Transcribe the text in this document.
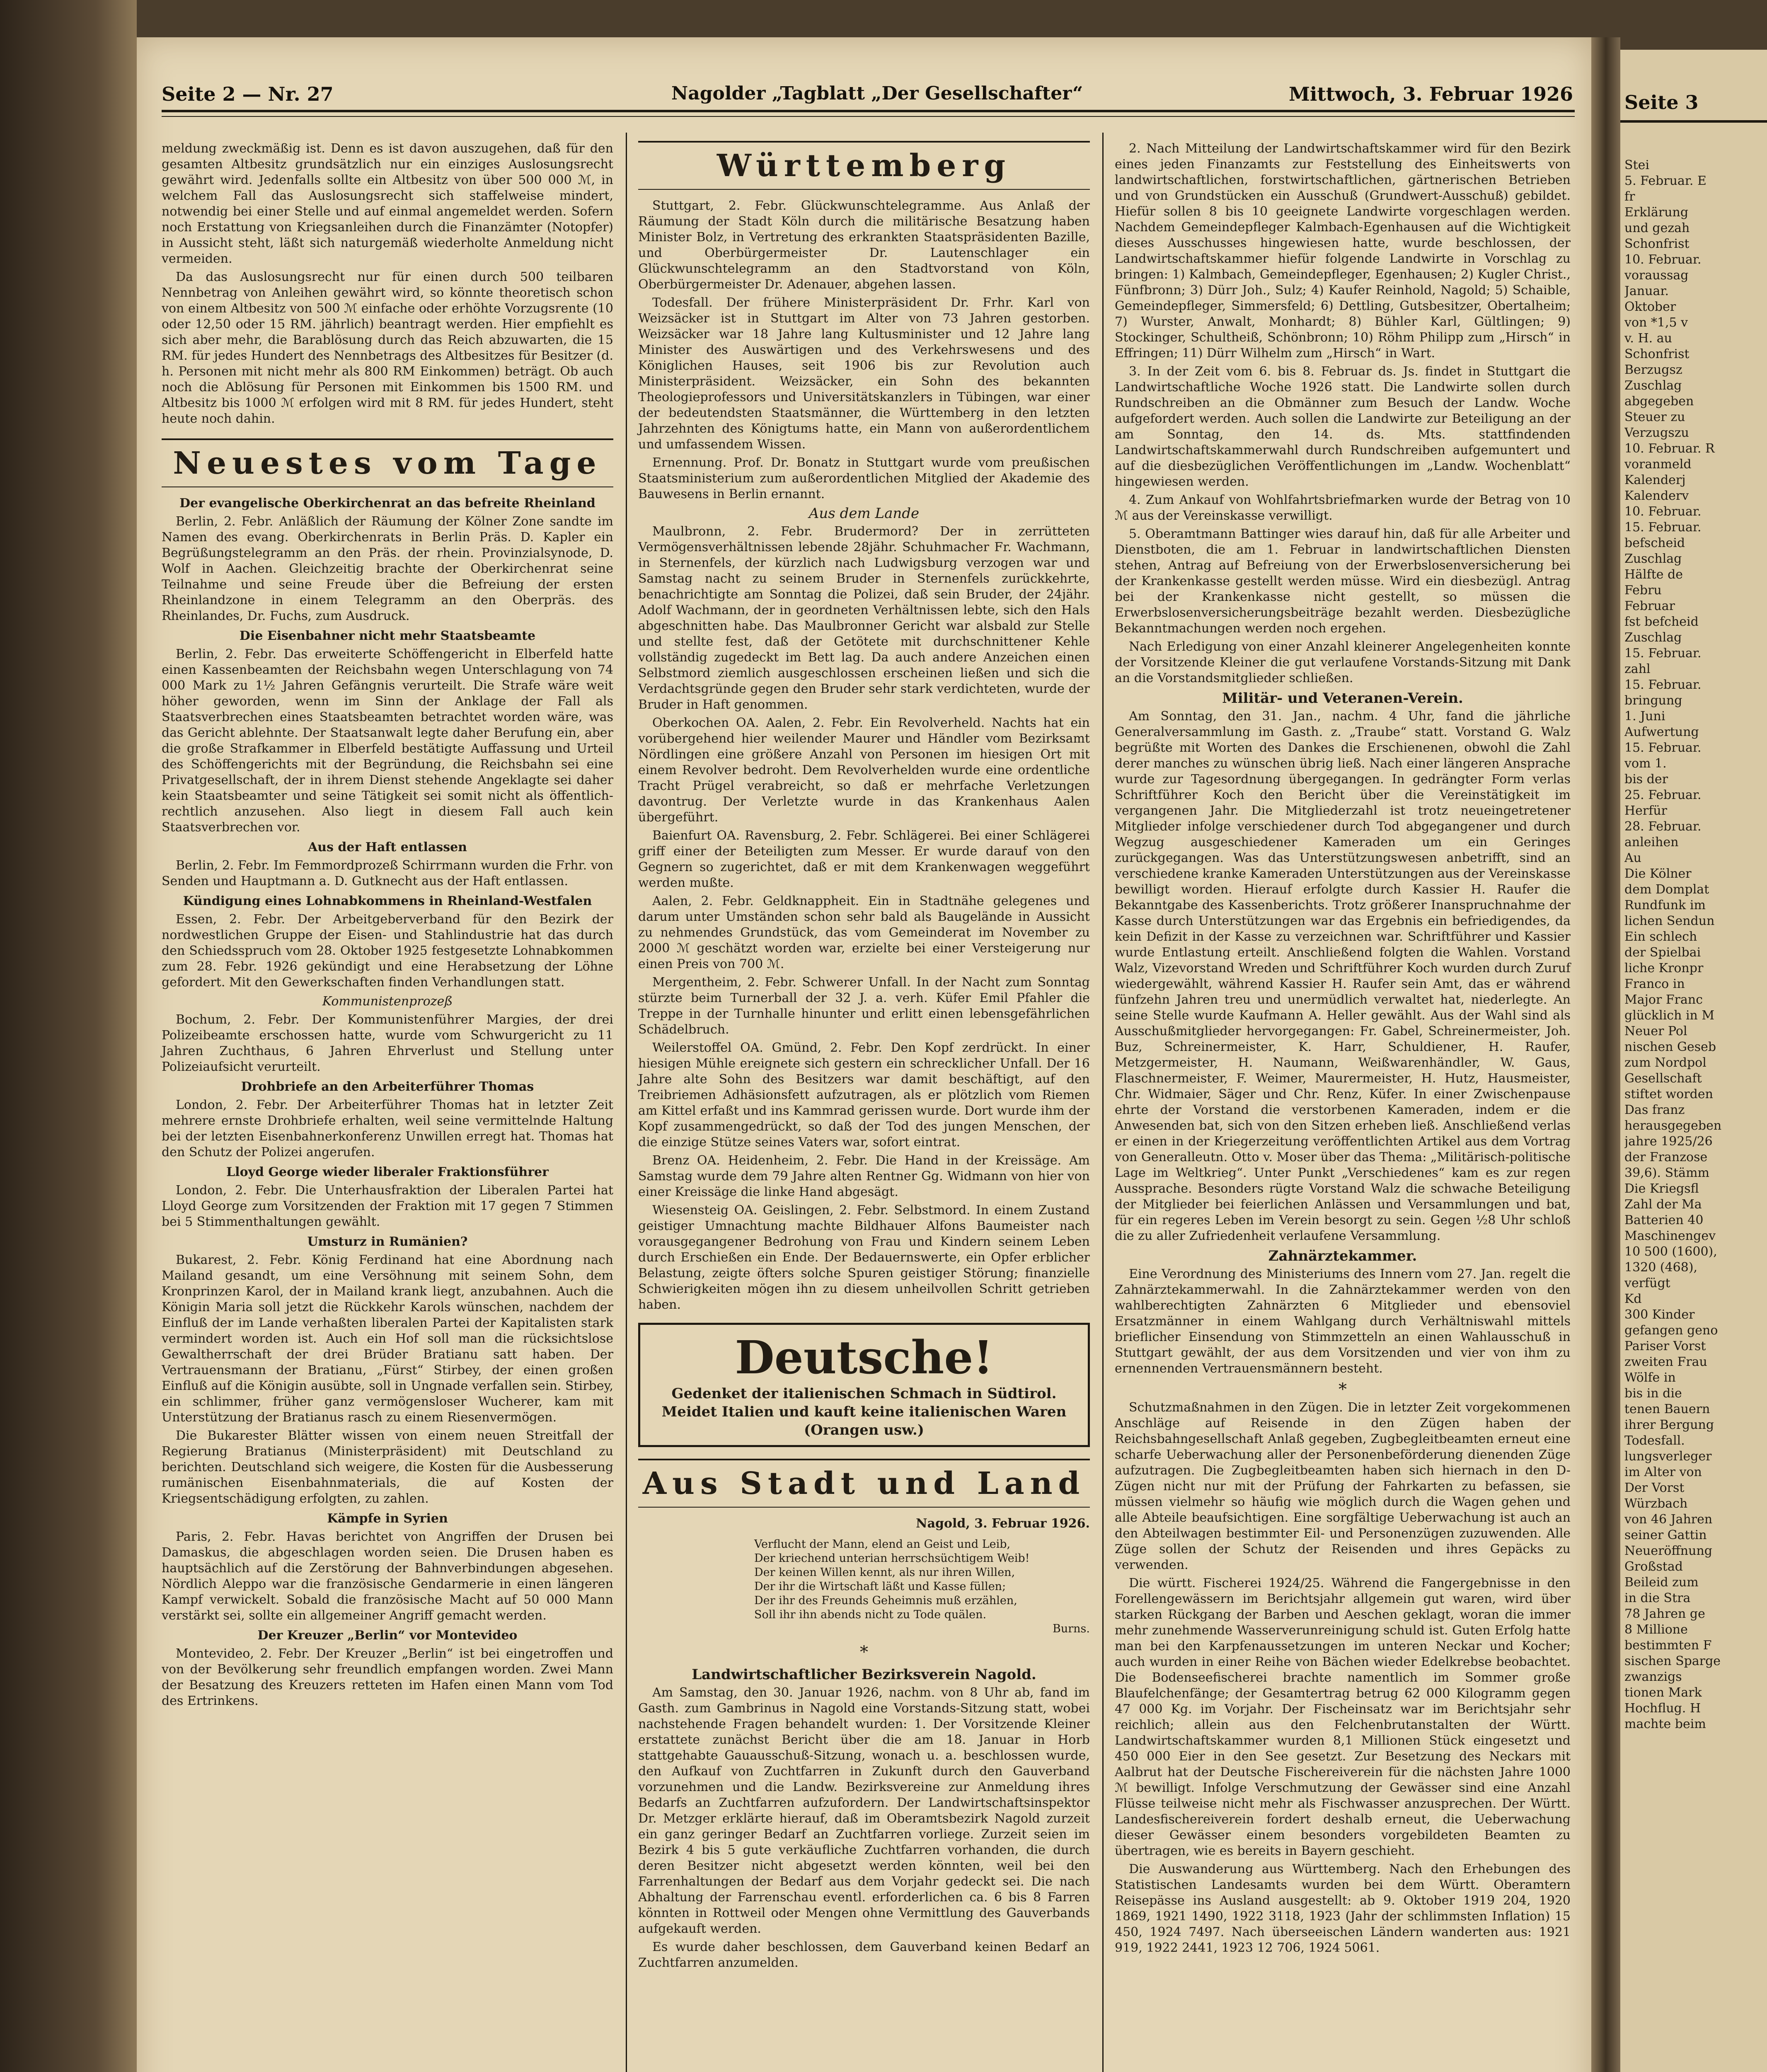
Seite 2 — Nr. 27	Nagolder „Tagblatt „Der Gesellschafter“	Mittwoch, 3. Februar 1926

meldung zweckmäßig ist. Denn es ist davon auszugehen, daß für den gesamten Altbesitz grundsätzlich nur ein einziges Auslosungsrecht gewährt wird. Jedenfalls sollte ein Altbesitz von über 500 000 ℳ, in welchem Fall das Auslosungsrecht sich staffelweise mindert, notwendig bei einer Stelle und auf einmal angemeldet werden. Sofern noch Erstattung von Kriegsanleihen durch die Finanzämter (Notopfer) in Aussicht steht, läßt sich naturgemäß wiederholte Anmeldung nicht vermeiden.

Da das Auslosungsrecht nur für einen durch 500 teilbaren Nennbetrag von Anleihen gewährt wird, so könnte theoretisch schon von einem Altbesitz von 500 ℳ einfache oder erhöhte Vorzugsrente (10 oder 12,50 oder 15 RM. jährlich) beantragt werden. Hier empfiehlt es sich aber mehr, die Barablösung durch das Reich abzuwarten, die 15 RM. für jedes Hundert des Nennbetrags des Altbesitzes für Besitzer (d. h. Personen mit nicht mehr als 800 RM Einkommen) beträgt. Ob auch noch die Ablösung für Personen mit Einkommen bis 1500 RM. und Altbesitz bis 1000 ℳ erfolgen wird mit 8 RM. für jedes Hundert, steht heute noch dahin.

Neuestes vom Tage

Der evangelische Oberkirchenrat an das befreite Rheinland

Berlin, 2. Febr. Anläßlich der Räumung der Kölner Zone sandte im Namen des evang. Oberkirchenrats in Berlin Präs. D. Kapler ein Begrüßungstelegramm an den Präs. der rhein. Provinzialsynode, D. Wolf in Aachen. Gleichzeitig brachte der Oberkirchenrat seine Teilnahme und seine Freude über die Befreiung der ersten Rheinlandzone in einem Telegramm an den Oberpräs. des Rheinlandes, Dr. Fuchs, zum Ausdruck.

Die Eisenbahner nicht mehr Staatsbeamte

Berlin, 2. Febr. Das erweiterte Schöffengericht in Elberfeld hatte einen Kassenbeamten der Reichsbahn wegen Unterschlagung von 74 000 Mark zu 1½ Jahren Gefängnis verurteilt. Die Strafe wäre weit höher geworden, wenn im Sinn der Anklage der Fall als Staatsverbrechen eines Staatsbeamten betrachtet worden wäre, was das Gericht ablehnte. Der Staatsanwalt legte daher Berufung ein, aber die große Strafkammer in Elberfeld bestätigte Auffassung und Urteil des Schöffengerichts mit der Begründung, die Reichsbahn sei eine Privatgesellschaft, der in ihrem Dienst stehende Angeklagte sei daher kein Staatsbeamter und seine Tätigkeit sei somit nicht als öffentlich-rechtlich anzusehen. Also liegt in diesem Fall auch kein Staatsverbrechen vor.

Aus der Haft entlassen

Berlin, 2. Febr. Im Femmordprozeß Schirrmann wurden die Frhr. von Senden und Hauptmann a. D. Gutknecht aus der Haft entlassen.

Kündigung eines Lohnabkommens in Rheinland-Westfalen

Essen, 2. Febr. Der Arbeitgeberverband für den Bezirk der nordwestlichen Gruppe der Eisen- und Stahlindustrie hat das durch den Schiedsspruch vom 28. Oktober 1925 festgesetzte Lohnabkommen zum 28. Febr. 1926 gekündigt und eine Herabsetzung der Löhne gefordert. Mit den Gewerkschaften finden Verhandlungen statt.

Kommunistenprozeß

Bochum, 2. Febr. Der Kommunistenführer Margies, der drei Polizeibeamte erschossen hatte, wurde vom Schwurgericht zu 11 Jahren Zuchthaus, 6 Jahren Ehrverlust und Stellung unter Polizeiaufsicht verurteilt.

Drohbriefe an den Arbeiterführer Thomas

London, 2. Febr. Der Arbeiterführer Thomas hat in letzter Zeit mehrere ernste Drohbriefe erhalten, weil seine vermittelnde Haltung bei der letzten Eisenbahnerkonferenz Unwillen erregt hat. Thomas hat den Schutz der Polizei angerufen.

Lloyd George wieder liberaler Fraktionsführer

London, 2. Febr. Die Unterhausfraktion der Liberalen Partei hat Lloyd George zum Vorsitzenden der Fraktion mit 17 gegen 7 Stimmen bei 5 Stimmenthaltungen gewählt.

Umsturz in Rumänien?

Bukarest, 2. Febr. König Ferdinand hat eine Abordnung nach Mailand gesandt, um eine Versöhnung mit seinem Sohn, dem Kronprinzen Karol, der in Mailand krank liegt, anzubahnen. Auch die Königin Maria soll jetzt die Rückkehr Karols wünschen, nachdem der Einfluß der im Lande verhaßten liberalen Partei der Kapitalisten stark vermindert worden ist. Auch ein Hof soll man die rücksichtslose Gewaltherrschaft der drei Brüder Bratianu satt haben. Der Vertrauensmann der Bratianu, „Fürst“ Stirbey, der einen großen Einfluß auf die Königin ausübte, soll in Ungnade verfallen sein. Stirbey, ein schlimmer, früher ganz vermögensloser Wucherer, kam mit Unterstützung der Bratianus rasch zu einem Riesenvermögen.

Die Bukarester Blätter wissen von einem neuen Streitfall der Regierung Bratianus (Ministerpräsident) mit Deutschland zu berichten. Deutschland sich weigere, die Kosten für die Ausbesserung rumänischen Eisenbahnmaterials, die auf Kosten der Kriegsentschädigung erfolgten, zu zahlen.

Kämpfe in Syrien

Paris, 2. Febr. Havas berichtet von Angriffen der Drusen bei Damaskus, die abgeschlagen worden seien. Die Drusen haben es hauptsächlich auf die Zerstörung der Bahnverbindungen abgesehen. Nördlich Aleppo war die französische Gendarmerie in einen längeren Kampf verwickelt. Sobald die französische Macht auf 50 000 Mann verstärkt sei, sollte ein allgemeiner Angriff gemacht werden.

Der Kreuzer „Berlin“ vor Montevideo

Montevideo, 2. Febr. Der Kreuzer „Berlin“ ist bei eingetroffen und von der Bevölkerung sehr freundlich empfangen worden. Zwei Mann der Besatzung des Kreuzers retteten im Hafen einen Mann vom Tod des Ertrinkens.

Württemberg

Stuttgart, 2. Febr. Glückwunschtelegramme. Aus Anlaß der Räumung der Stadt Köln durch die militärische Besatzung haben Minister Bolz, in Vertretung des erkrankten Staatspräsidenten Bazille, und Oberbürgermeister Dr. Lautenschlager ein Glückwunschtelegramm an den Stadtvorstand von Köln, Oberbürgermeister Dr. Adenauer, abgehen lassen.

Todesfall. Der frühere Ministerpräsident Dr. Frhr. Karl von Weizsäcker ist in Stuttgart im Alter von 73 Jahren gestorben. Weizsäcker war 18 Jahre lang Kultusminister und 12 Jahre lang Minister des Auswärtigen und des Verkehrswesens und des Königlichen Hauses, seit 1906 bis zur Revolution auch Ministerpräsident. Weizsäcker, ein Sohn des bekannten Theologieprofessors und Universitätskanzlers in Tübingen, war einer der bedeutendsten Staatsmänner, die Württemberg in den letzten Jahrzehnten des Königtums hatte, ein Mann von außerordentlichem und umfassendem Wissen.

Ernennung. Prof. Dr. Bonatz in Stuttgart wurde vom preußischen Staatsministerium zum außerordentlichen Mitglied der Akademie des Bauwesens in Berlin ernannt.

Aus dem Lande

Maulbronn, 2. Febr. Brudermord? Der in zerrütteten Vermögensverhältnissen lebende 28jähr. Schuhmacher Fr. Wachmann, in Sternenfels, der kürzlich nach Ludwigsburg verzogen war und Samstag nacht zu seinem Bruder in Sternenfels zurückkehrte, benachrichtigte am Sonntag die Polizei, daß sein Bruder, der 24jähr. Adolf Wachmann, der in geordneten Verhältnissen lebte, sich den Hals abgeschnitten habe. Das Maulbronner Gericht war alsbald zur Stelle und stellte fest, daß der Getötete mit durchschnittener Kehle vollständig zugedeckt im Bett lag. Da auch andere Anzeichen einen Selbstmord ziemlich ausgeschlossen erscheinen ließen und sich die Verdachtsgründe gegen den Bruder sehr stark verdichteten, wurde der Bruder in Haft genommen.

Oberkochen OA. Aalen, 2. Febr. Ein Revolverheld. Nachts hat ein vorübergehend hier weilender Maurer und Händler vom Bezirksamt Nördlingen eine größere Anzahl von Personen im hiesigen Ort mit einem Revolver bedroht. Dem Revolverhelden wurde eine ordentliche Tracht Prügel verabreicht, so daß er mehrfache Verletzungen davontrug. Der Verletzte wurde in das Krankenhaus Aalen übergeführt.

Baienfurt OA. Ravensburg, 2. Febr. Schlägerei. Bei einer Schlägerei griff einer der Beteiligten zum Messer. Er wurde darauf von den Gegnern so zugerichtet, daß er mit dem Krankenwagen weggeführt werden mußte.

Aalen, 2. Febr. Geldknappheit. Ein in Stadtnähe gelegenes und darum unter Umständen schon sehr bald als Baugelände in Aussicht zu nehmendes Grundstück, das vom Gemeinderat im November zu 2000 ℳ geschätzt worden war, erzielte bei einer Versteigerung nur einen Preis von 700 ℳ.

Mergentheim, 2. Febr. Schwerer Unfall. In der Nacht zum Sonntag stürzte beim Turnerball der 32 J. a. verh. Küfer Emil Pfahler die Treppe in der Turnhalle hinunter und erlitt einen lebensgefährlichen Schädelbruch.

Weilerstoffel OA. Gmünd, 2. Febr. Den Kopf zerdrückt. In einer hiesigen Mühle ereignete sich gestern ein schrecklicher Unfall. Der 16 Jahre alte Sohn des Besitzers war damit beschäftigt, auf den Treibriemen Adhäsionsfett aufzutragen, als er plötzlich vom Riemen am Kittel erfaßt und ins Kammrad gerissen wurde. Dort wurde ihm der Kopf zusammengedrückt, so daß der Tod des jungen Menschen, der die einzige Stütze seines Vaters war, sofort eintrat.

Brenz OA. Heidenheim, 2. Febr. Die Hand in der Kreissäge. Am Samstag wurde dem 79 Jahre alten Rentner Gg. Widmann von hier von einer Kreissäge die linke Hand abgesägt.

Wiesensteig OA. Geislingen, 2. Febr. Selbstmord. In einem Zustand geistiger Umnachtung machte Bildhauer Alfons Baumeister nach vorausgegangener Bedrohung von Frau und Kindern seinem Leben durch Erschießen ein Ende. Der Bedauernswerte, ein Opfer erblicher Belastung, zeigte öfters solche Spuren geistiger Störung; finanzielle Schwierigkeiten mögen ihn zu diesem unheilvollen Schritt getrieben haben.

Deutsche!
Gedenket der italienischen Schmach in Südtirol.
Meidet Italien und kauft keine italienischen Waren
(Orangen usw.)
Aus Stadt und Land

Nagold, 3. Februar 1926.

Verflucht der Mann, elend an Geist und Leib,
Der kriechend unterian herrschsüchtigem Weib!
Der keinen Willen kennt, als nur ihren Willen,
Der ihr die Wirtschaft läßt und Kasse füllen;
Der ihr des Freunds Geheimnis muß erzählen,
Soll ihr ihn abends nicht zu Tode quälen.
Burns.
*

Landwirtschaftlicher Bezirksverein Nagold.

Am Samstag, den 30. Januar 1926, nachm. von 8 Uhr ab, fand im Gasth. zum Gambrinus in Nagold eine Vorstands-Sitzung statt, wobei nachstehende Fragen behandelt wurden: 1. Der Vorsitzende Kleiner erstattete zunächst Bericht über die am 18. Januar in Horb stattgehabte Gauausschuß-Sitzung, wonach u. a. beschlossen wurde, den Aufkauf von Zuchtfarren in Zukunft durch den Gauverband vorzunehmen und die Landw. Bezirksvereine zur Anmeldung ihres Bedarfs an Zuchtfarren aufzufordern. Der Landwirtschaftsinspektor Dr. Metzger erklärte hierauf, daß im Oberamtsbezirk Nagold zurzeit ein ganz geringer Bedarf an Zuchtfarren vorliege. Zurzeit seien im Bezirk 4 bis 5 gute verkäufliche Zuchtfarren vorhanden, die durch deren Besitzer nicht abgesetzt werden könnten, weil bei den Farrenhaltungen der Bedarf aus dem Vorjahr gedeckt sei. Die nach Abhaltung der Farrenschau eventl. erforderlichen ca. 6 bis 8 Farren könnten in Rottweil oder Mengen ohne Vermittlung des Gauverbands aufgekauft werden.

Es wurde daher beschlossen, dem Gauverband keinen Bedarf an Zuchtfarren anzumelden.

2. Nach Mitteilung der Landwirtschaftskammer wird für den Bezirk eines jeden Finanzamts zur Feststellung des Einheitswerts von landwirtschaftlichen, forstwirtschaftlichen, gärtnerischen Betrieben und von Grundstücken ein Ausschuß (Grundwert-Ausschuß) gebildet. Hiefür sollen 8 bis 10 geeignete Landwirte vorgeschlagen werden. Nachdem Gemeindepfleger Kalmbach-Egenhausen auf die Wichtigkeit dieses Ausschusses hingewiesen hatte, wurde beschlossen, der Landwirtschaftskammer hiefür folgende Landwirte in Vorschlag zu bringen: 1) Kalmbach, Gemeindepfleger, Egenhausen; 2) Kugler Christ., Fünfbronn; 3) Dürr Joh., Sulz; 4) Kaufer Reinhold, Nagold; 5) Schaible, Gemeindepfleger, Simmersfeld; 6) Dettling, Gutsbesitzer, Obertalheim; 7) Wurster, Anwalt, Monhardt; 8) Bühler Karl, Gültlingen; 9) Stockinger, Schultheiß, Schönbronn; 10) Röhm Philipp zum „Hirsch“ in Effringen; 11) Dürr Wilhelm zum „Hirsch“ in Wart.

3. In der Zeit vom 6. bis 8. Februar ds. Js. findet in Stuttgart die Landwirtschaftliche Woche 1926 statt. Die Landwirte sollen durch Rundschreiben an die Obmänner zum Besuch der Landw. Woche aufgefordert werden. Auch sollen die Landwirte zur Beteiligung an der am Sonntag, den 14. ds. Mts. stattfindenden Landwirtschaftskammerwahl durch Rundschreiben aufgemuntert und auf die diesbezüglichen Veröffentlichungen im „Landw. Wochenblatt“ hingewiesen werden.

4. Zum Ankauf von Wohlfahrtsbriefmarken wurde der Betrag von 10 ℳ aus der Vereinskasse verwilligt.

5. Oberamtmann Battinger wies darauf hin, daß für alle Arbeiter und Dienstboten, die am 1. Februar in landwirtschaftlichen Diensten stehen, Antrag auf Befreiung von der Erwerbslosenversicherung bei der Krankenkasse gestellt werden müsse. Wird ein diesbezügl. Antrag bei der Krankenkasse nicht gestellt, so müssen die Erwerbslosenversicherungsbeiträge bezahlt werden. Diesbezügliche Bekanntmachungen werden noch ergehen.

Nach Erledigung von einer Anzahl kleinerer Angelegenheiten konnte der Vorsitzende Kleiner die gut verlaufene Vorstands-Sitzung mit Dank an die Vorstandsmitglieder schließen.

Militär- und Veteranen-Verein.

Am Sonntag, den 31. Jan., nachm. 4 Uhr, fand die jährliche Generalversammlung im Gasth. z. „Traube“ statt. Vorstand G. Walz begrüßte mit Worten des Dankes die Erschienenen, obwohl die Zahl derer manches zu wünschen übrig ließ. Nach einer längeren Ansprache wurde zur Tagesordnung übergegangen. In gedrängter Form verlas Schriftführer Koch den Bericht über die Vereinstätigkeit im vergangenen Jahr. Die Mitgliederzahl ist trotz neueingetretener Mitglieder infolge verschiedener durch Tod abgegangener und durch Wegzug ausgeschiedener Kameraden um ein Geringes zurückgegangen. Was das Unterstützungswesen anbetrifft, sind an verschiedene kranke Kameraden Unterstützungen aus der Vereinskasse bewilligt worden. Hierauf erfolgte durch Kassier H. Raufer die Bekanntgabe des Kassenberichts. Trotz größerer Inanspruchnahme der Kasse durch Unterstützungen war das Ergebnis ein befriedigendes, da kein Defizit in der Kasse zu verzeichnen war. Schriftführer und Kassier wurde Entlastung erteilt. Anschließend folgten die Wahlen. Vorstand Walz, Vizevorstand Wreden und Schriftführer Koch wurden durch Zuruf wiedergewählt, während Kassier H. Raufer sein Amt, das er während fünfzehn Jahren treu und unermüdlich verwaltet hat, niederlegte. An seine Stelle wurde Kaufmann A. Heller gewählt. Aus der Wahl sind als Ausschußmitglieder hervorgegangen: Fr. Gabel, Schreinermeister, Joh. Buz, Schreinermeister, K. Harr, Schuldiener, H. Raufer, Metzgermeister, H. Naumann, Weißwarenhändler, W. Gaus, Flaschnermeister, F. Weimer, Maurermeister, H. Hutz, Hausmeister, Chr. Widmaier, Säger und Chr. Renz, Küfer. In einer Zwischenpause ehrte der Vorstand die verstorbenen Kameraden, indem er die Anwesenden bat, sich von den Sitzen erheben ließ. Anschließend verlas er einen in der Kriegerzeitung veröffentlichten Artikel aus dem Vortrag von Generalleutn. Otto v. Moser über das Thema: „Militärisch-politische Lage im Weltkrieg“. Unter Punkt „Verschiedenes“ kam es zur regen Aussprache. Besonders rügte Vorstand Walz die schwache Beteiligung der Mitglieder bei feierlichen Anlässen und Versammlungen und bat, für ein regeres Leben im Verein besorgt zu sein. Gegen ½8 Uhr schloß die zu aller Zufriedenheit verlaufene Versammlung.

Zahnärztekammer.

Eine Verordnung des Ministeriums des Innern vom 27. Jan. regelt die Zahnärztekammerwahl. In die Zahnärztekammer werden von den wahlberechtigten Zahnärzten 6 Mitglieder und ebensoviel Ersatzmänner in einem Wahlgang durch Verhältniswahl mittels brieflicher Einsendung von Stimmzetteln an einen Wahlausschuß in Stuttgart gewählt, der aus dem Vorsitzenden und vier von ihm zu ernennenden Vertrauensmännern besteht.

*

Schutzmaßnahmen in den Zügen. Die in letzter Zeit vorgekommenen Anschläge auf Reisende in den Zügen haben der Reichsbahngesellschaft Anlaß gegeben, Zugbegleitbeamten erneut eine scharfe Ueberwachung aller der Personenbeförderung dienenden Züge aufzutragen. Die Zugbegleitbeamten haben sich hiernach in den D-Zügen nicht nur mit der Prüfung der Fahrkarten zu befassen, sie müssen vielmehr so häufig wie möglich durch die Wagen gehen und alle Abteile beaufsichtigen. Eine sorgfältige Ueberwachung ist auch an den Abteilwagen bestimmter Eil- und Personenzügen zuzuwenden. Alle Züge sollen der Schutz der Reisenden und ihres Gepäcks zu verwenden.

Die württ. Fischerei 1924/25. Während die Fangergebnisse in den Forellengewässern im Berichtsjahr allgemein gut waren, wird über starken Rückgang der Barben und Aeschen geklagt, woran die immer mehr zunehmende Wasserverunreinigung schuld ist. Guten Erfolg hatte man bei den Karpfenaussetzungen im unteren Neckar und Kocher; auch wurden in einer Reihe von Bächen wieder Edelkrebse beobachtet. Die Bodenseefischerei brachte namentlich im Sommer große Blaufelchenfänge; der Gesamtertrag betrug 62 000 Kilogramm gegen 47 000 Kg. im Vorjahr. Der Fischeinsatz war im Berichtsjahr sehr reichlich; allein aus den Felchenbrutanstalten der Württ. Landwirtschaftskammer wurden 8,1 Millionen Stück eingesetzt und 450 000 Eier in den See gesetzt. Zur Besetzung des Neckars mit Aalbrut hat der Deutsche Fischereiverein für die nächsten Jahre 1000 ℳ bewilligt. Infolge Verschmutzung der Gewässer sind eine Anzahl Flüsse teilweise nicht mehr als Fischwasser anzusprechen. Der Württ. Landesfischereiverein fordert deshalb erneut, die Ueberwachung dieser Gewässer einem besonders vorgebildeten Beamten zu übertragen, wie es bereits in Bayern geschieht.

Die Auswanderung aus Württemberg. Nach den Erhebungen des Statistischen Landesamts wurden bei dem Württ. Oberamtern Reisepässe ins Ausland ausgestellt: ab 9. Oktober 1919 204, 1920 1869, 1921 1490, 1922 3118, 1923 (Jahr der schlimmsten Inflation) 15 450, 1924 7497. Nach überseeischen Ländern wanderten aus: 1921 919, 1922 2441, 1923 12 706, 1924 5061.

Seite 3
Stei
5. Februar. E
fr
Erklärung
und gezah
Schonfrist
10. Februar.
voraussag
Januar.
Oktober
von *1,5 v
v. H. au
Schonfrist
Berzugsz
Zuschlag
abgegeben
Steuer zu
Verzugszu
10. Februar. R
voranmeld
Kalenderj
Kalenderv
10. Februar.
15. Februar.
befscheid
Zuschlag
Hälfte de
Febru
Februar
fst befcheid
Zuschlag
15. Februar.
zahl
15. Februar.
bringung
1. Juni
Aufwertung
15. Februar.
vom 1.
bis der
25. Februar.
Herfür
28. Februar.
anleihen
Au
Die Kölner
dem Domplat
Rundfunk im
lichen Sendun
Ein schlech
der Spielbai
liche Kronpr
Franco in
Major Franc
glücklich in M
Neuer Pol
nischen Geseb
zum Nordpol
Gesellschaft
stiftet worden
Das franz
herausgegeben
jahre 1925/26
der Franzose
39,6). Stämm
Die Kriegsfl
Zahl der Ma
Batterien 40
Maschinengev
10 500 (1600),
1320 (468),
verfügt
Kd
300 Kinder
gefangen geno
Pariser Vorst
zweiten Frau
Wölfe in
bis in die
tenen Bauern
ihrer Bergung
Todesfall.
lungsverleger
im Alter von
Der Vorst
Würzbach
von 46 Jahren
seiner Gattin
Neueröffnung
Großstad
Beileid zum
in die Stra
78 Jahren ge
8 Millione
bestimmten F
sischen Sparge
zwanzigs
tionen Mark
Hochflug. H
machte beim
